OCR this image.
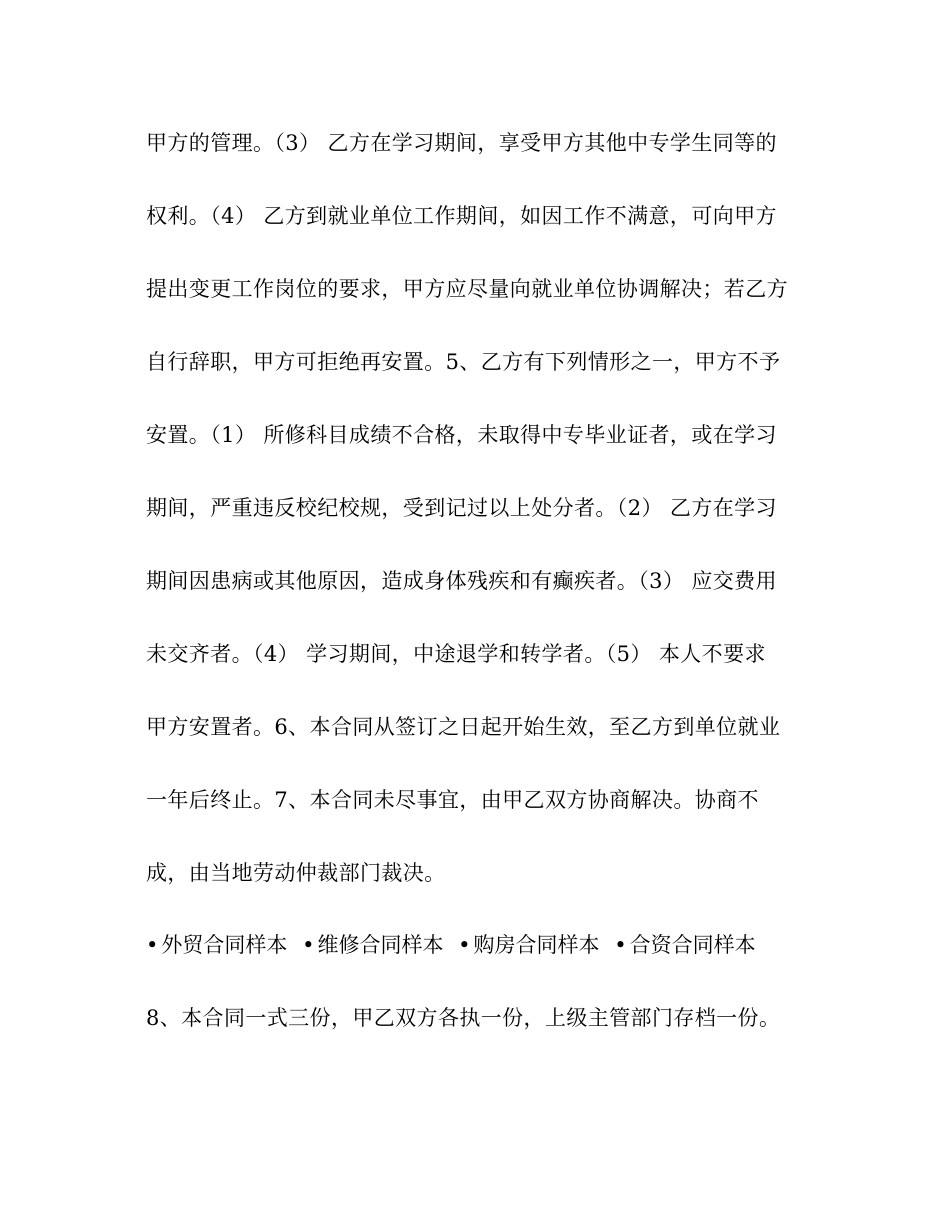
甲方的管理。（3） 乙方在学习期间，享受甲方其他中专学生同等的
权利。（4） 乙方到就业单位工作期间，如因工作不满意，可向甲方
提出变更工作岗位的要求，甲方应尽量向就业单位协调解决；若乙方
自行辞职，甲方可拒绝再安置。5、乙方有下列情形之一，甲方不予
安置。（1） 所修科目成绩不合格，未取得中专毕业证者，或在学习
期间，严重违反校纪校规，受到记过以上处分者。（2） 乙方在学习
期间因患病或其他原因，造成身体残疾和有癫疾者。（3） 应交费用
未交齐者。（4） 学习期间，中途退学和转学者。（5） 本人不要求
甲方安置者。6、本合同从签订之日起开始生效，至乙方到单位就业
一年后终止。7、本合同未尽事宜，由甲乙双方协商解决。协商不
成，由当地劳动仲裁部门裁决。
• 外贸合同样本 • 维修合同样本 • 购房合同样本 • 合资合同样本
8、本合同一式三份，甲乙双方各执一份，上级主管部门存档一份。
